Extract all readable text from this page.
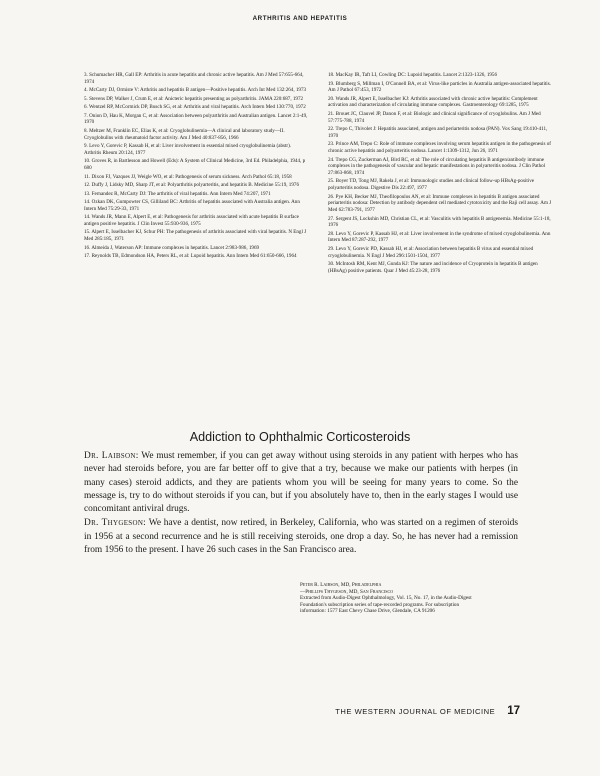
ARTHRITIS AND HEPATITIS

3. Schumacher HR, Gall EP: Arthritis in acute hepatitis and chronic active hepatitis. Am J Med 57:655-664, 1974

4. McCarty DJ, Ormiste V: Arthritis and hepatitis B antigen—Positive hepatitis. Arch Int Med 132:264, 1973

5. Stevens DP, Walker J, Crum E, et al: Anicteric hepatitis presenting as polyarthritis. JAMA 220:687, 1972

6. Wentzel RP, McCormick DP, Busch SG, et al: Arthritis and viral hepatitis. Arch Intern Med 130:770, 1972

7. Onion D, Hau K, Morgan C, et al: Association between polyarthritis and Australian antigen. Lancet 2:1-49, 1970

8. Meltzer M, Franklin EC, Elias K, et al: Cryoglobulinemia—A clinical and laboratory study—II. Cryoglobulins with rheumatoid factor activity. Am J Med 40:837-856, 1966

9. Levo Y, Gorevic P, Kassab H, et al: Liver involvement in essential mixed cryoglobulinemia (abstr). Arthritis Rheum 20:124, 1977

10. Groves R, in Bartlesson and Howell (Eds): A System of Clinical Medicine, 3rd Ed. Philadelphia, 1944, p 680

11. Dixon FJ, Vazques JJ, Weigle WO, et al: Pathogenesis of serum sickness. Arch Pathol 65:18, 1958

12. Duffy J, Lidsky MD, Sharp JT, et al: Polyarthritis polyarteritis, and hepatitis B. Medicine 55:19, 1976

13. Fernandez R, McCarty DJ: The arthritis of viral hepatitis. Ann Intern Med 74:207, 1971

14. Ozkan DK, Gumpowter CS, Gilliland BC: Arthritis of hepatitis associated with Australia antigen. Ann Intern Med 75:29-33, 1971

14. Wands JR, Mann E, Alpert E, et al: Pathogenesis for arthritis associated with acute hepatitis B surface antigen positive hepatitis. J Clin Invest 55:930-936, 1975

15. Alpert E, Isselbacher KJ, Schur PH: The pathogenesis of arthritis associated with viral hepatitis. N Engl J Med 285:185, 1971

16. Almeida J, Waterson AP: Immune complexes in hepatitis. Lancet 2:983-986, 1969

17. Reynolds TB, Edmondson HA, Peters RL, et al: Lupoid hepatitis. Ann Intern Med 61:650-666, 1964

18. MacKay IR, Taft LI, Cowling DC: Lupoid hepatitis. Lancet 2:1323-1326, 1956

19. Blumberg S, Millman I, O'Connell BA, et al: Virus-like particles in Australia antigen-associated hepatitis. Am J Pathol 67:453, 1972

20. Wands JR, Alpert E, Isselbacher KJ: Arthritis associated with chronic active hepatitis: Complement activation and characterization of circulating immune complexes. Gastroenterology 69:1285, 1975

21. Brouet JC, Clauvel JP, Danon F, et al: Biologic and clinical significance of cryoglobulins. Am J Med 57:775-788, 1974

22. Trepo C, Thivolet J: Hepatitis associated, antigen and periarteritis nodosa (PAN). Vox Sang 19:410-411, 1970

23. Prince AM, Trepo C: Role of immune complexes involving serum hepatitis antigen in the pathogenesis of chronic active hepatitis and polyarteritis nodosa. Lancet 1:1309-1312, Jun 26, 1971

24. Trepo CG, Zuckerman AJ, Bird RC, et al: The role of circulating hepatitis B antigen/antibody immune complexes in the pathogenesis of vascular and hepatic manifestations in polyarteritis nodosa. J Clin Pathol 27:863-868, 1974

25. Boyer TD, Tong MJ, Rakela J, et al: Immunologic studies and clinical follow-up HBsAg-positive polyarteritis nodosa. Digestive Dis 22:497, 1977

26. Pye KH, Becker MJ, Theofilopoulos AN, et al: Immune complexes in hepatitis B antigen associated periarteritis nodosa: Detection by antibody dependent cell mediated cytotoxicity and the Raji cell assay. Am J Med 62:783-791, 1977

27. Sergent JS, Lockshin MD, Christian CL, et al: Vasculitis with hepatitis B antigenemia. Medicine 55:1-18, 1976

28. Levo Y, Gorevic P, Kassab HJ, et al: Liver involvement in the syndrome of mixed cryoglobulinemia. Ann Intern Med 87:287-292, 1977

29. Levo Y, Gorevic PD, Kassab HJ, et al: Association between hepatitis B virus and essential mixed cryoglobulinemia. N Engl J Med 296:1501-1504, 1977

30. McIntosh RM, Kent MJ, Gunda KJ: The nature and incidence of Cryoprotein in hepatitis B antigen (HBsAg) positive patients. Quar J Med 45:23-28, 1976

Addiction to Ophthalmic Corticosteroids

Dr. Laibson: We must remember, if you can get away without using steroids in any patient with herpes who has never had steroids before, you are far better off to give that a try, because we make our patients with herpes (in many cases) steroid addicts, and they are patients whom you will be seeing for many years to come. So the message is, try to do without steroids if you can, but if you absolutely have to, then in the early stages I would use concomitant antiviral drugs.

Dr. Thygeson: We have a dentist, now retired, in Berkeley, California, who was started on a regimen of steroids in 1956 at a second recurrence and he is still receiving steroids, one drop a day. So, he has never had a remission from 1956 to the present. I have 26 such cases in the San Francisco area.

Peter R. Laibson, MD, Philadelphia
—Phillips Thygeson, MD, San Francisco
Extracted from Audio-Digest Ophthalmology, Vol. 15, No. 17, in the Audio-Digest Foundation's subscription series of tape-recorded programs. For subscription information: 1577 East Chevy Chase Drive, Glendale, CA 91206
THE WESTERN JOURNAL OF MEDICINE 17
